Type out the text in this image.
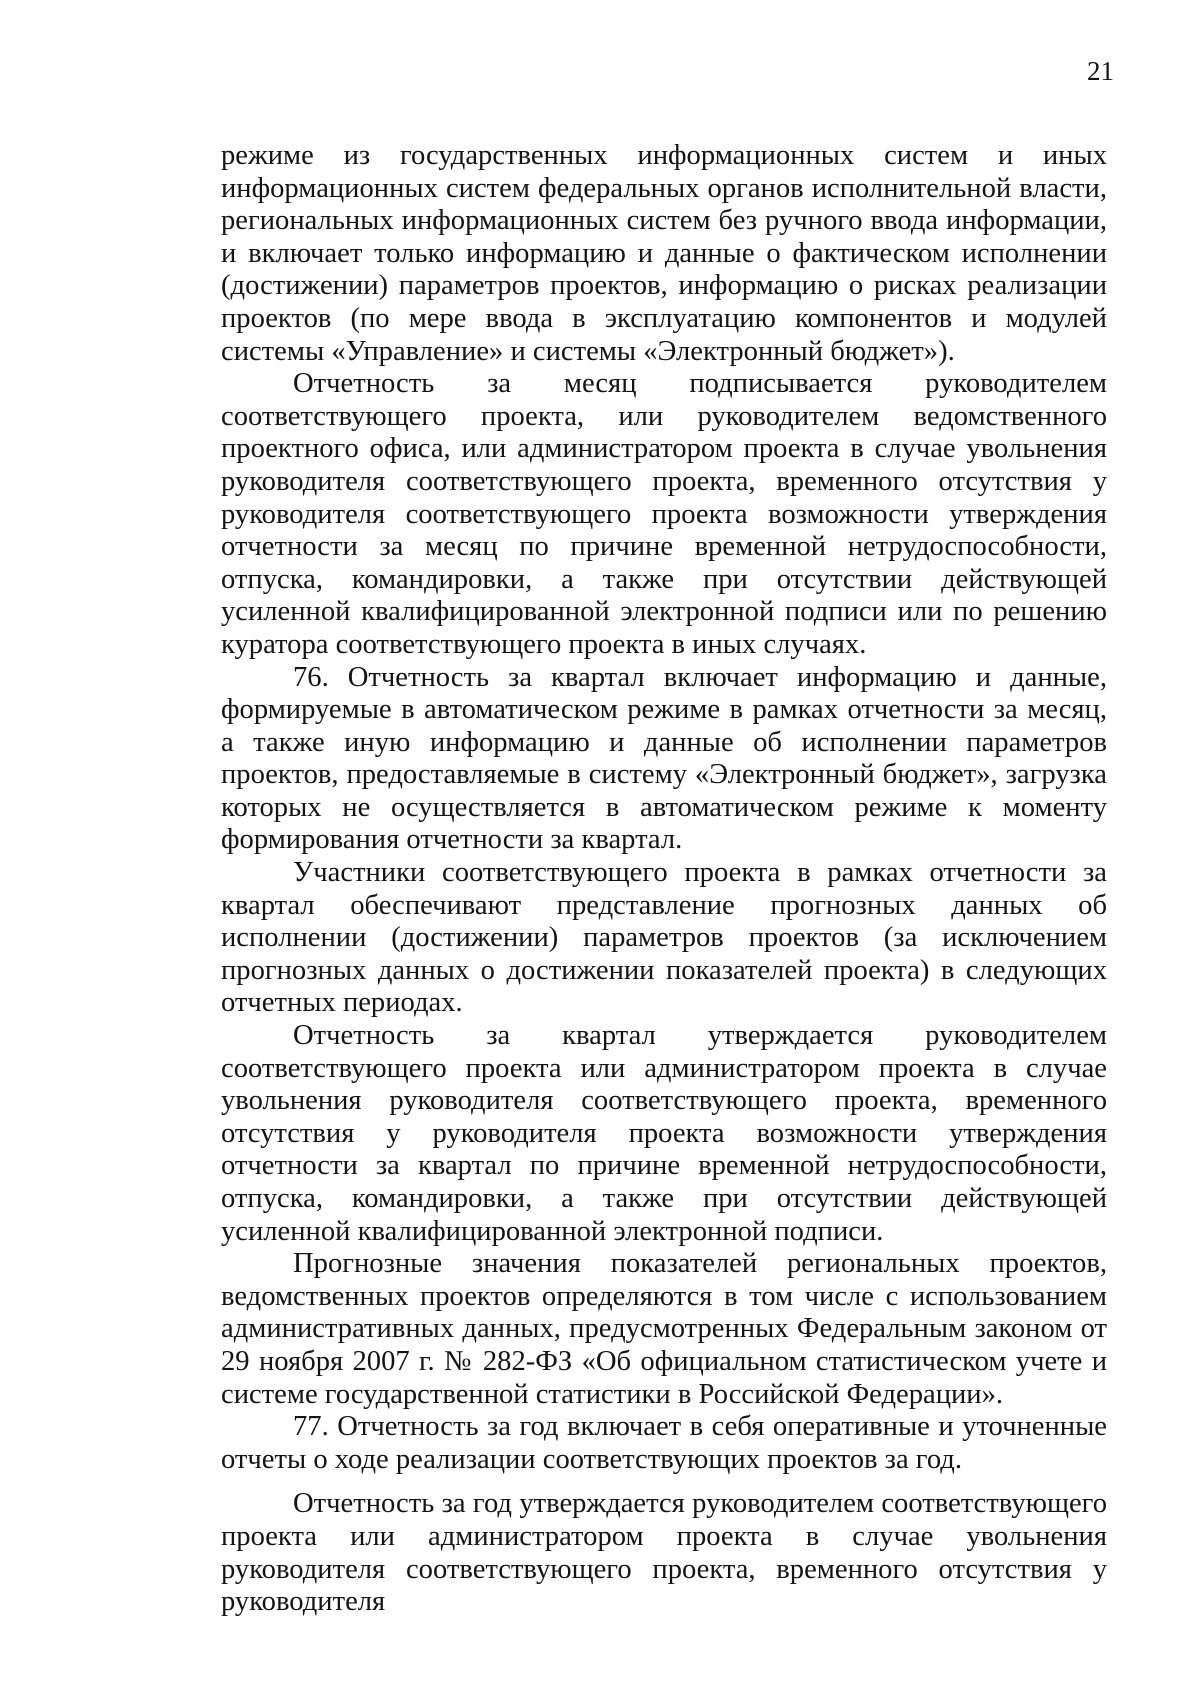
21

режиме из государственных информационных систем и иных информационных систем федеральных органов исполнительной власти, региональных информационных систем без ручного ввода информации, и включает только информацию и данные о фактическом исполнении (достижении) параметров проектов, информацию о рисках реализации проектов (по мере ввода в эксплуатацию компонентов и модулей системы «Управление» и системы «Электронный бюджет»).

Отчетность за месяц подписывается руководителем соответствующего проекта, или руководителем ведомственного проектного офиса, или администратором проекта в случае увольнения руководителя соответствующего проекта, временного отсутствия у руководителя соответствующего проекта возможности утверждения отчетности за месяц по причине временной нетрудоспособности, отпуска, командировки, а также при отсутствии действующей усиленной квалифицированной электронной подписи или по решению куратора соответствующего проекта в иных случаях.

76. Отчетность за квартал включает информацию и данные, формируемые в автоматическом режиме в рамках отчетности за месяц, а также иную информацию и данные об исполнении параметров проектов, предоставляемые в систему «Электронный бюджет», загрузка которых не осуществляется в автоматическом режиме к моменту формирования отчетности за квартал.

Участники соответствующего проекта в рамках отчетности за квартал обеспечивают представление прогнозных данных об исполнении (достижении) параметров проектов (за исключением прогнозных данных о достижении показателей проекта) в следующих отчетных периодах.

Отчетность за квартал утверждается руководителем соответствующего проекта или администратором проекта в случае увольнения руководителя соответствующего проекта, временного отсутствия у руководителя проекта возможности утверждения отчетности за квартал по причине временной нетрудоспособности, отпуска, командировки, а также при отсутствии действующей усиленной квалифицированной электронной подписи.

Прогнозные значения показателей региональных проектов, ведомственных проектов определяются в том числе с использованием административных данных, предусмотренных Федеральным законом от 29 ноября 2007 г. № 282-ФЗ «Об официальном статистическом учете и системе государственной статистики в Российской Федерации».

77. Отчетность за год включает в себя оперативные и уточненные отчеты о ходе реализации соответствующих проектов за год.

Отчетность за год утверждается руководителем соответствующего проекта или администратором проекта в случае увольнения руководителя соответствующего проекта, временного отсутствия у руководителя
